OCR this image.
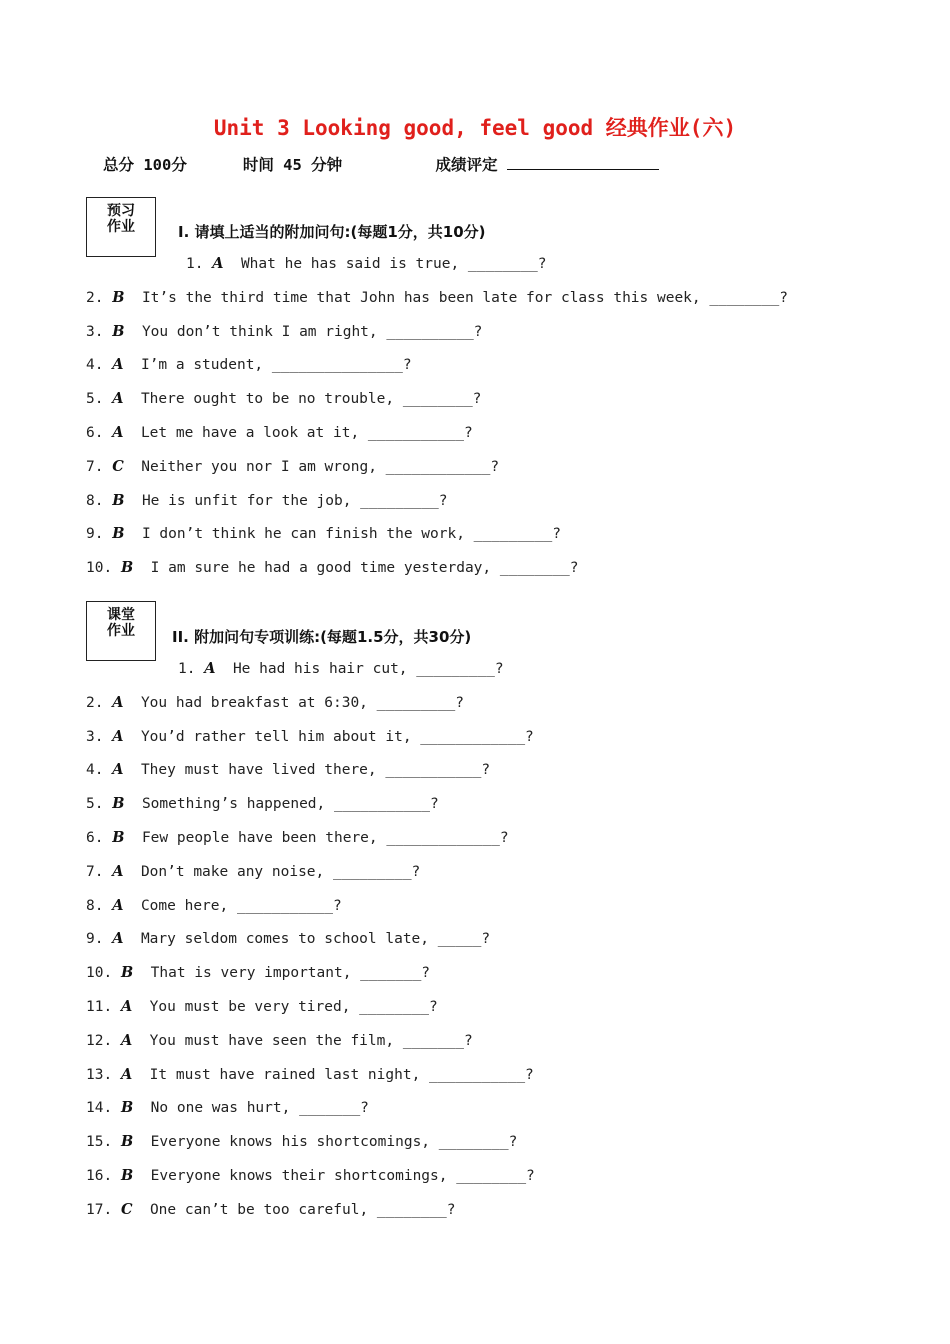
Unit 3 Looking good, feel good 经典作业(六)
总分 100分	时间 45 分钟	成绩评定
预习
作业	I. 请填上适当的附加问句:(每题1分，共10分)
1. A What he has said is true, ________?
2. B It’s the third time that John has been late for class this week, ________?
3. B You don’t think I am right, __________?
4. A I’m a student, _______________?
5. A There ought to be no trouble, ________?
6. A Let me have a look at it, ___________?
7. C Neither you nor I am wrong, ____________?
8. B He is unfit for the job, _________?
9. B I don’t think he can finish the work, _________?
10. B I am sure he had a good time yesterday, ________?
课堂
作业	II. 附加问句专项训练:(每题1.5分，共30分)
1. A He had his hair cut, _________?
2. A You had breakfast at 6:30, _________?
3. A You’d rather tell him about it, ____________?
4. A They must have lived there, ___________?
5. B Something’s happened, ___________?
6. B Few people have been there, _____________?
7. A Don’t make any noise, _________?
8. A Come here, ___________?
9. A Mary seldom comes to school late, _____?
10. B That is very important, _______?
11. A You must be very tired, ________?
12. A You must have seen the film, _______?
13. A It must have rained last night, ___________?
14. B No one was hurt, _______?
15. B Everyone knows his shortcomings, ________?
16. B Everyone knows their shortcomings, ________?
17. C One can’t be too careful, ________?
